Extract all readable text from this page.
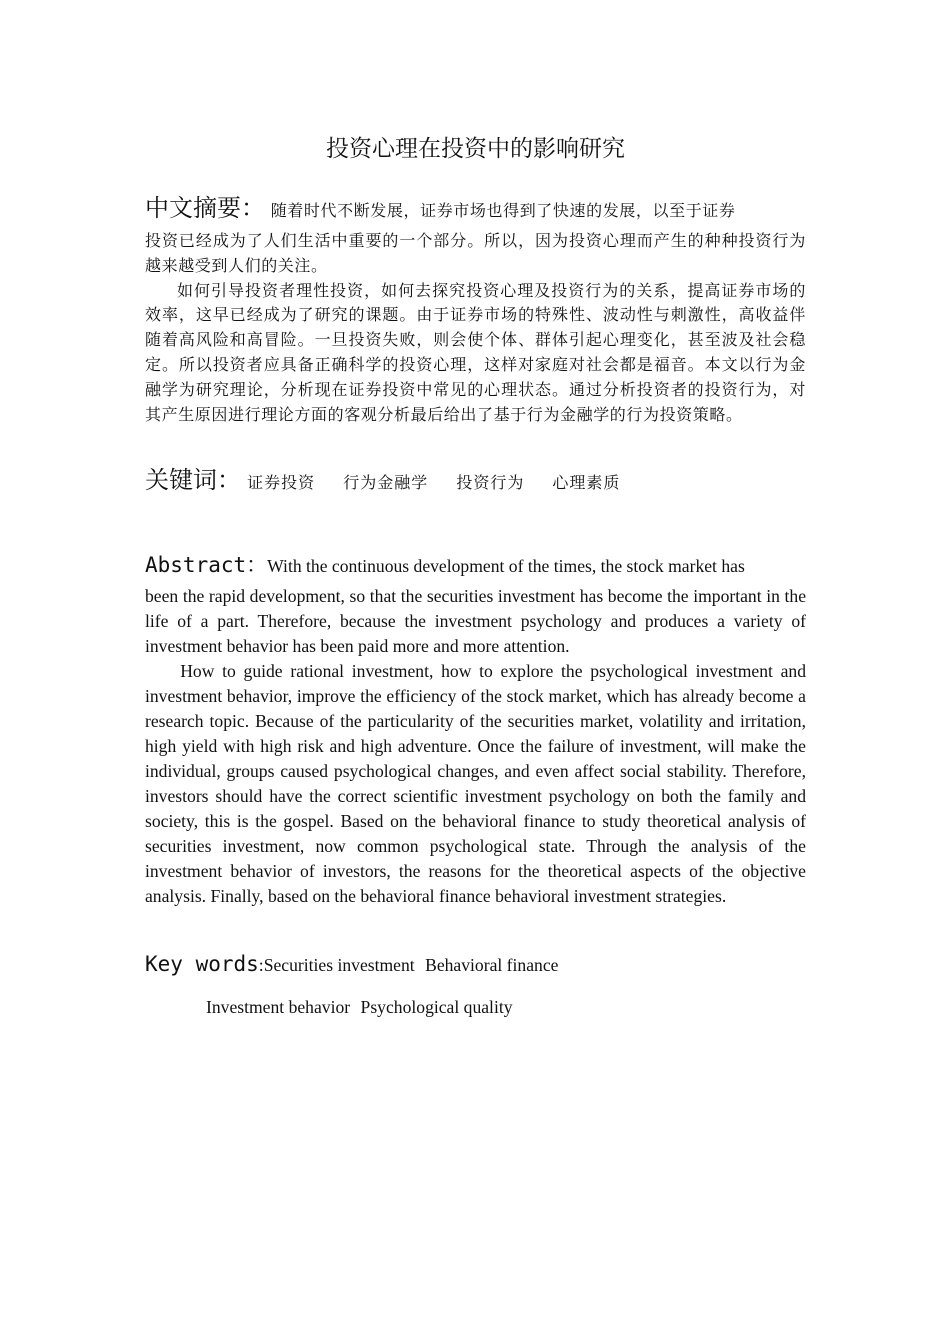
投资心理在投资中的影响研究

中文摘要： 随着时代不断发展，证券市场也得到了快速的发展，以至于证券

投资已经成为了人们生活中重要的一个部分。所以，因为投资心理而产生的种种投资行为越来越受到人们的关注。

如何引导投资者理性投资，如何去探究投资心理及投资行为的关系，提高证券市场的效率，这早已经成为了研究的课题。由于证券市场的特殊性、波动性与刺激性，高收益伴随着高风险和高冒险。一旦投资失败，则会使个体、群体引起心理变化，甚至波及社会稳定。所以投资者应具备正确科学的投资心理，这样对家庭对社会都是福音。本文以行为金融学为研究理论，分析现在证券投资中常见的心理状态。通过分析投资者的投资行为，对其产生原因进行理论方面的客观分析最后给出了基于行为金融学的行为投资策略。

关键词： 证券投资 行为金融学 投资行为 心理素质

Abstract：With the continuous development of the times, the stock market has

been the rapid development, so that the securities investment has become the important in the life of a part. Therefore, because the investment psychology and produces a variety of investment behavior has been paid more and more attention.

How to guide rational investment, how to explore the psychological investment and investment behavior, improve the efficiency of the stock market, which has already become a research topic. Because of the particularity of the securities market, volatility and irritation, high yield with high risk and high adventure. Once the failure of investment, will make the individual, groups caused psychological changes, and even affect social stability. Therefore, investors should have the correct scientific investment psychology on both the family and society, this is the gospel. Based on the behavioral finance to study theoretical analysis of securities investment, now common psychological state. Through the analysis of the investment behavior of investors, the reasons for the theoretical aspects of the objective analysis. Finally, based on the behavioral finance behavioral investment strategies.

Key words:Securities investment Behavioral finance
Investment behavior Psychological quality
